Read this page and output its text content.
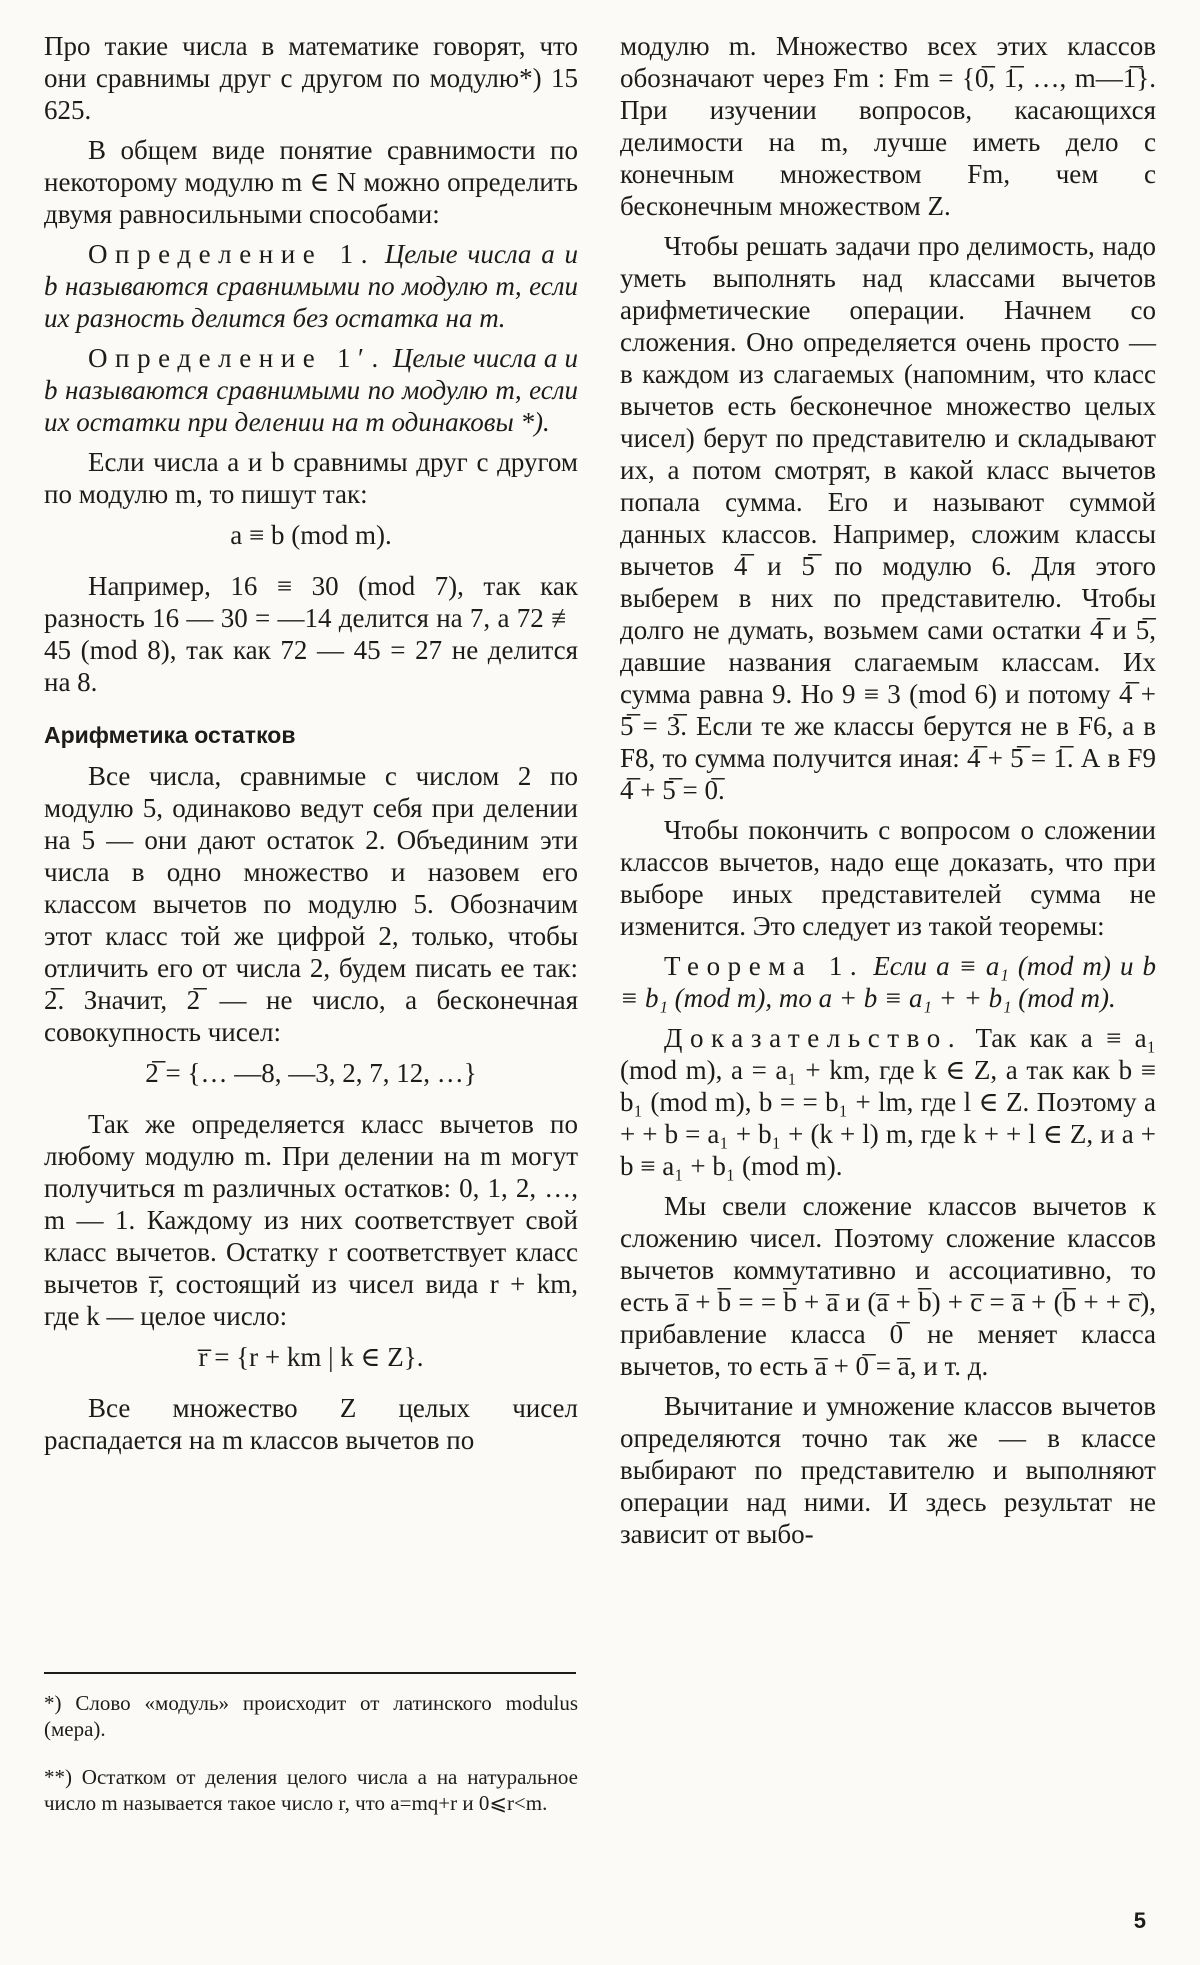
Про такие числа в математике говорят, что они сравнимы друг с другом по модулю*) 15 625.

В общем виде понятие сравнимости по некоторому модулю m ∈ N можно определить двумя равносильными способами:

Определение 1. Целые числа a и b называются сравнимыми по модулю m, если их разность делится без остатка на m.

Определение 1′. Целые числа a и b называются сравнимыми по модулю m, если их остатки при делении на m одинаковы *).

Если числа a и b сравнимы друг с другом по модулю m, то пишут так:

a ≡ b (mod m).

Например, 16 ≡ 30 (mod 7), так как разность 16 — 30 = —14 делится на 7, а 72 ≢ 45 (mod 8), так как 72 — 45 = 27 не делится на 8.

Арифметика остатков

Все числа, сравнимые с числом 2 по модулю 5, одинаково ведут себя при делении на 5 — они дают остаток 2. Объединим эти числа в одно множество и назовем его классом вычетов по модулю 5. Обозначим этот класс той же цифрой 2, только, чтобы отличить его от числа 2, будем писать ее так: 2̅. Значит, 2̅ — не число, а бесконечная совокупность чисел:

2̅ = {… —8, —3, 2, 7, 12, …}

Так же определяется класс вычетов по любому модулю m. При делении на m могут получиться m различных остатков: 0, 1, 2, …, m — 1. Каждому из них соответствует свой класс вычетов. Остатку r соответствует класс вычетов r̅, состоящий из чисел вида r + km, где k — целое число:

r̅ = {r + km | k ∈ Z}.

Все множество Z целых чисел распадается на m классов вычетов по

модулю m. Множество всех этих классов обозначают через Fm : Fm = {0̅, 1̅, …, m—1̅}. При изучении вопросов, касающихся делимости на m, лучше иметь дело с конечным множеством Fm, чем с бесконечным множеством Z.

Чтобы решать задачи про делимость, надо уметь выполнять над классами вычетов арифметические операции. Начнем со сложения. Оно определяется очень просто — в каждом из слагаемых (напомним, что класс вычетов есть бесконечное множество целых чисел) берут по представителю и складывают их, а потом смотрят, в какой класс вычетов попала сумма. Его и называют суммой данных классов. Например, сложим классы вычетов 4̅ и 5̅ по модулю 6. Для этого выберем в них по представителю. Чтобы долго не думать, возьмем сами остатки 4̅ и 5̅, давшие названия слагаемым классам. Их сумма равна 9. Но 9 ≡ 3 (mod 6) и потому 4̅ + 5̅ = 3̅. Если те же классы берутся не в F6, а в F8, то сумма получится иная: 4̅ + 5̅ = 1̅. А в F9 4̅ + 5̅ = 0̅.

Чтобы покончить с вопросом о сложении классов вычетов, надо еще доказать, что при выборе иных представителей сумма не изменится. Это следует из такой теоремы:

Теорема 1. Если a ≡ a₁ (mod m) и b ≡ b₁ (mod m), то a + b ≡ a₁ + + b₁ (mod m).

Доказательство. Так как a ≡ a₁ (mod m), a = a₁ + km, где k ∈ Z, а так как b ≡ b₁ (mod m), b = = b₁ + lm, где l ∈ Z. Поэтому a + + b = a₁ + b₁ + (k + l) m, где k + + l ∈ Z, и a + b ≡ a₁ + b₁ (mod m).

Мы свели сложение классов вычетов к сложению чисел. Поэтому сложение классов вычетов коммутативно и ассоциативно, то есть a̅ + b̅ = = b̅ + a̅ и (a̅ + b̅) + c̅ = a̅ + (b̅ + + c̅), прибавление класса 0̅ не меняет класса вычетов, то есть a̅ + 0̅ = a̅, и т. д.

Вычитание и умножение классов вычетов определяются точно так же — в классе выбирают по представителю и выполняют операции над ними. И здесь результат не зависит от выбо-

*) Слово «модуль» происходит от латинского modulus (мера).
**) Остатком от деления целого числа a на натуральное число m называется такое число r, что a=mq+r и 0⩽r<m.
5
